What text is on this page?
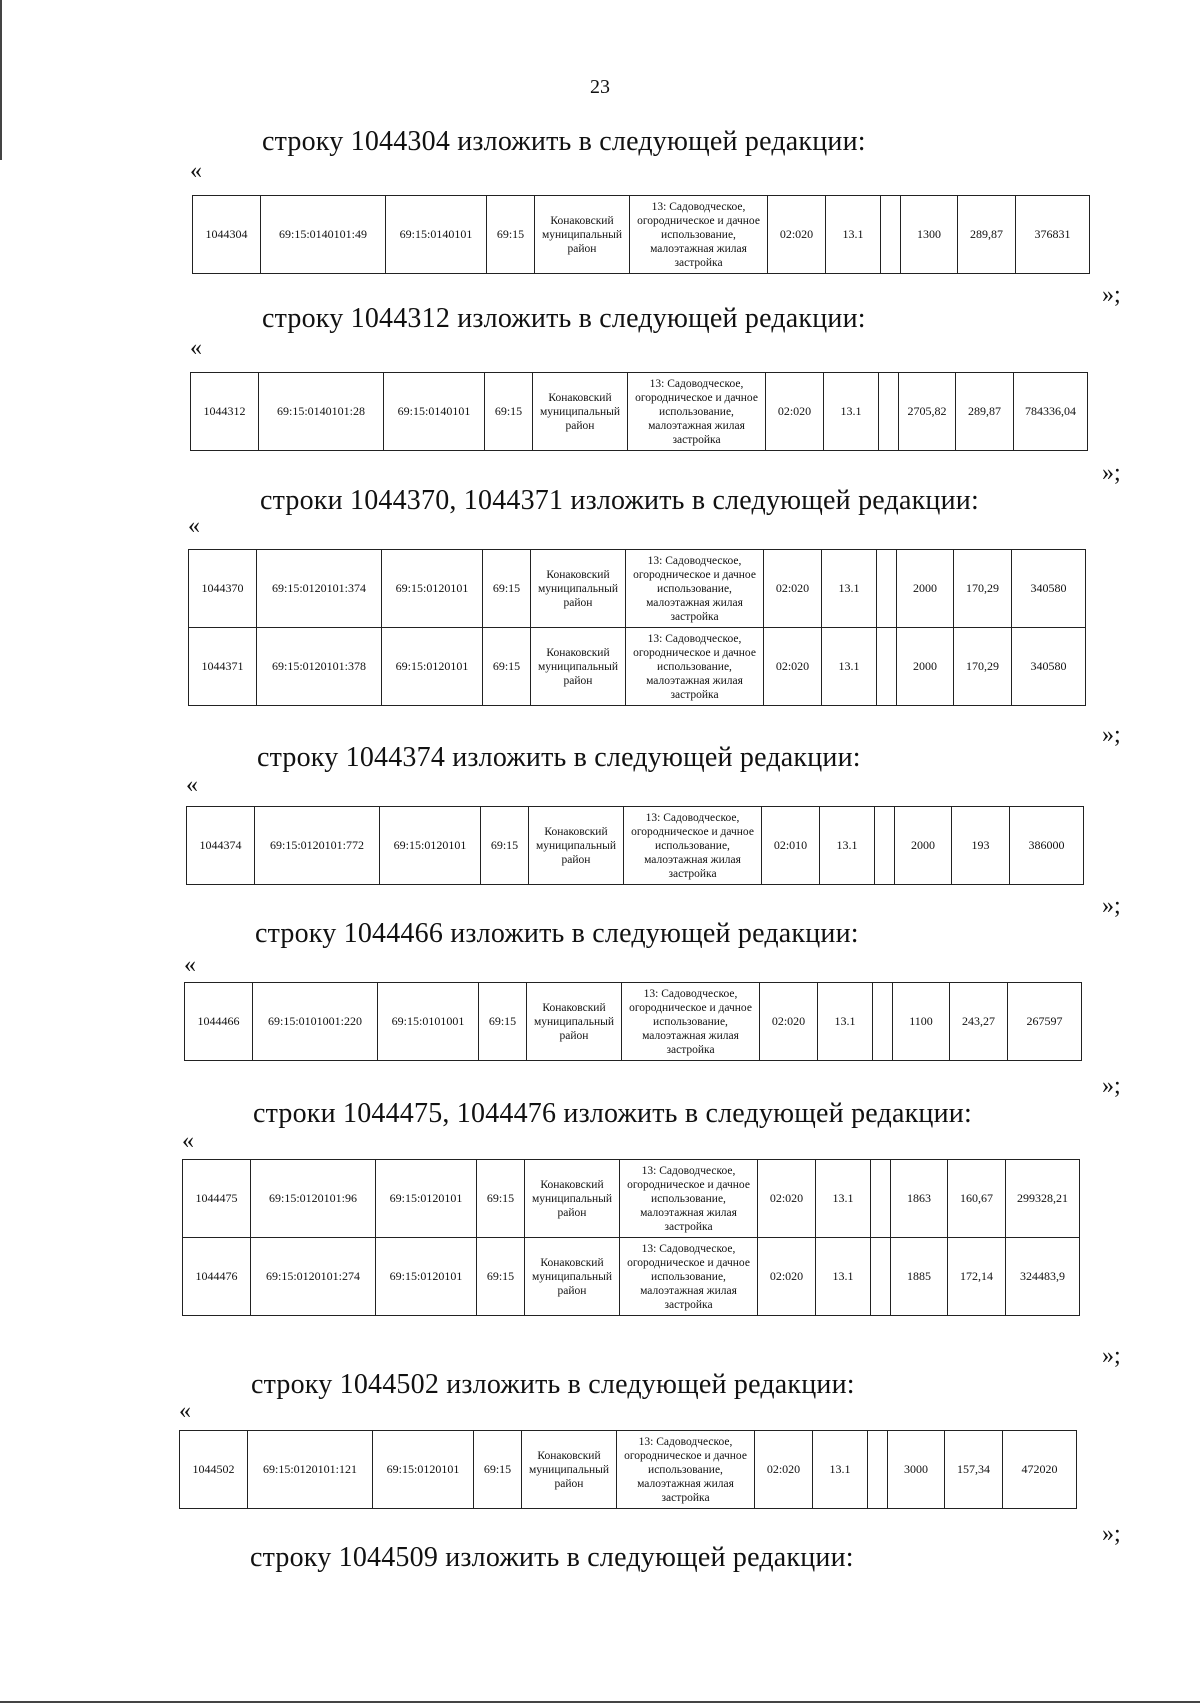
23
строку 1044304 изложить в следующей редакции:
«
1044304	69:15:0140101:49	69:15:0140101	69:15	Конаковский муниципальный район	13: Садоводческое, огородническое и дачное использование, малоэтажная жилая застройка	02:020	13.1		1300	289,87	376831
»;
строку 1044312 изложить в следующей редакции:
«
1044312	69:15:0140101:28	69:15:0140101	69:15	Конаковский муниципальный район	13: Садоводческое, огородническое и дачное использование, малоэтажная жилая застройка	02:020	13.1		2705,82	289,87	784336,04
»;
строки 1044370, 1044371 изложить в следующей редакции:
«
1044370	69:15:0120101:374	69:15:0120101	69:15	Конаковский муниципальный район	13: Садоводческое, огородническое и дачное использование, малоэтажная жилая застройка	02:020	13.1		2000	170,29	340580
1044371	69:15:0120101:378	69:15:0120101	69:15	Конаковский муниципальный район	13: Садоводческое, огородническое и дачное использование, малоэтажная жилая застройка	02:020	13.1		2000	170,29	340580
»;
строку 1044374 изложить в следующей редакции:
«
1044374	69:15:0120101:772	69:15:0120101	69:15	Конаковский муниципальный район	13: Садоводческое, огородническое и дачное использование, малоэтажная жилая застройка	02:010	13.1		2000	193	386000
»;
строку 1044466 изложить в следующей редакции:
«
1044466	69:15:0101001:220	69:15:0101001	69:15	Конаковский муниципальный район	13: Садоводческое, огородническое и дачное использование, малоэтажная жилая застройка	02:020	13.1		1100	243,27	267597
»;
строки 1044475, 1044476 изложить в следующей редакции:
«
1044475	69:15:0120101:96	69:15:0120101	69:15	Конаковский муниципальный район	13: Садоводческое, огородническое и дачное использование, малоэтажная жилая застройка	02:020	13.1		1863	160,67	299328,21
1044476	69:15:0120101:274	69:15:0120101	69:15	Конаковский муниципальный район	13: Садоводческое, огородническое и дачное использование, малоэтажная жилая застройка	02:020	13.1		1885	172,14	324483,9
»;
строку 1044502 изложить в следующей редакции:
«
1044502	69:15:0120101:121	69:15:0120101	69:15	Конаковский муниципальный район	13: Садоводческое, огородническое и дачное использование, малоэтажная жилая застройка	02:020	13.1		3000	157,34	472020
»;
строку 1044509 изложить в следующей редакции:
